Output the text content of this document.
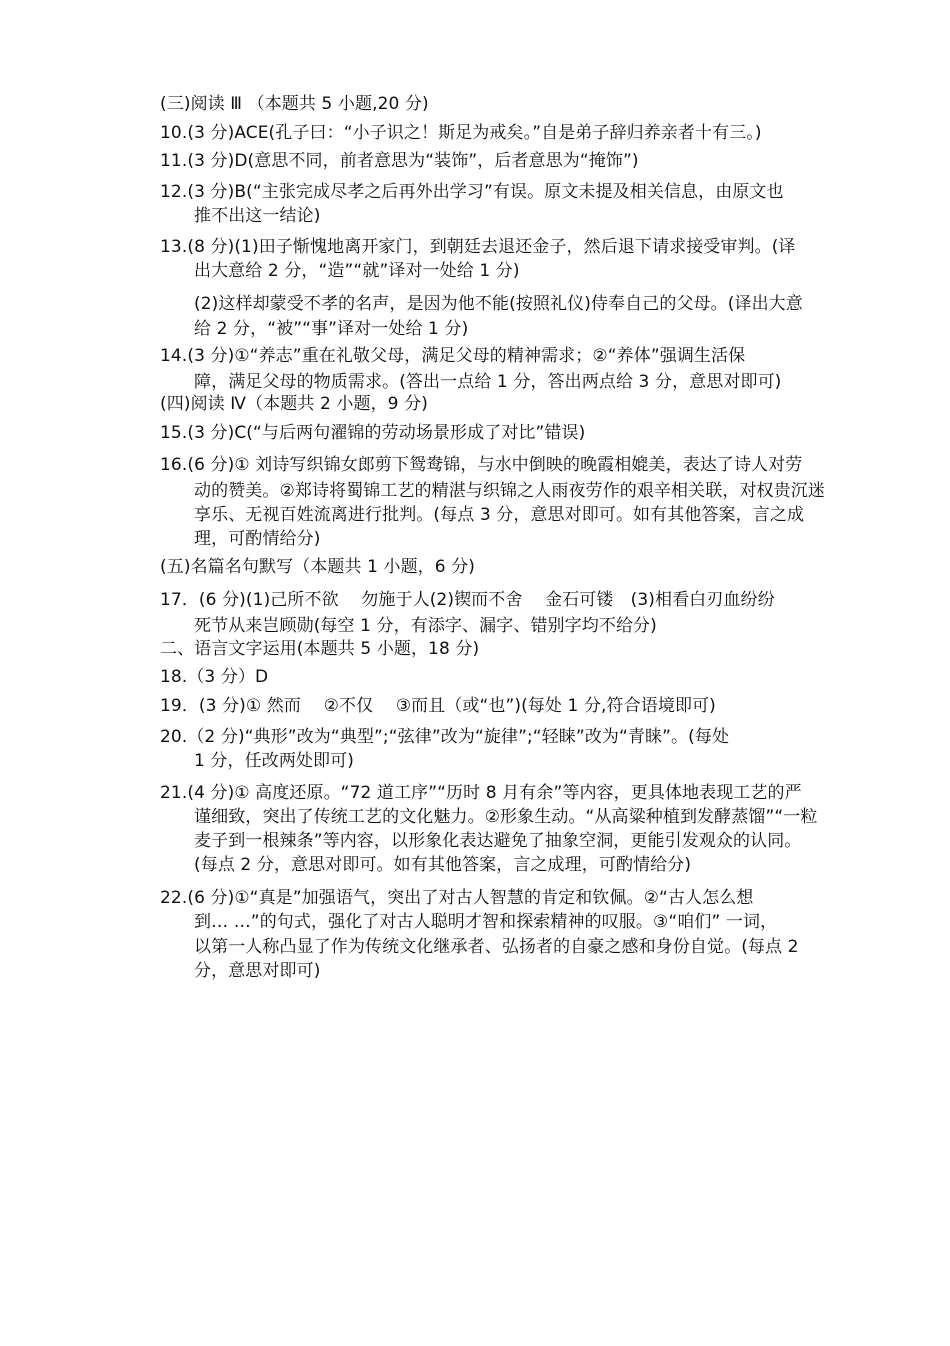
(三)阅读 Ⅲ （本题共 5 小题,20 分)
10.(3 分)ACE(孔子曰：“小子识之！斯足为戒矣。”自是弟子辞归养亲者十有三。)
11.(3 分)D(意思不同，前者意思为“装饰”，后者意思为“掩饰”)
12.(3 分)B(“主张完成尽孝之后再外出学习”有误。原文未提及相关信息，由原文也
推不出这一结论)
13.(8 分)(1)田子惭愧地离开家门，到朝廷去退还金子，然后退下请求接受审判。(译
出大意给 2 分，“造”“就”译对一处给 1 分)
(2)这样却蒙受不孝的名声，是因为他不能(按照礼仪)侍奉自己的父母。(译出大意
给 2 分，“被”“事”译对一处给 1 分)
14.(3 分)①“养志”重在礼敬父母，满足父母的精神需求；②“养体”强调生活保
障，满足父母的物质需求。(答出一点给 1 分，答出两点给 3 分，意思对即可)
(四)阅读 Ⅳ（本题共 2 小题，9 分)
15.(3 分)C(“与后两句濯锦的劳动场景形成了对比”错误)
16.(6 分)① 刘诗写织锦女郎剪下鸳鸯锦，与水中倒映的晚霞相媲美，表达了诗人对劳
动的赞美。②郑诗将蜀锦工艺的精湛与织锦之人雨夜劳作的艰辛相关联，对权贵沉迷
享乐、无视百姓流离进行批判。(每点 3 分，意思对即可。如有其他答案，言之成
理，可酌情给分)
(五)名篇名句默写（本题共 1 小题，6 分)
17．(6 分)(1)己所不欲　 勿施于人(2)锲而不舍　 金石可镂　(3)相看白刃血纷纷
死节从来岂顾勋(每空 1 分，有添字、漏字、错别字均不给分)
二、语言文字运用(本题共 5 小题，18 分)
18.（3 分）D
19．(3 分)① 然而　 ②不仅　 ③而且（或“也”)(每处 1 分,符合语境即可)
20.（2 分)“典形”改为“典型”;“弦律”改为“旋律”;“轻睐”改为“青睐”。(每处
1 分，任改两处即可)
21.(4 分)① 高度还原。“72 道工序”“历时 8 月有余”等内容，更具体地表现工艺的严
谨细致，突出了传统工艺的文化魅力。②形象生动。“从高粱种植到发酵蒸馏”“一粒
麦子到一根辣条”等内容，以形象化表达避免了抽象空洞，更能引发观众的认同。
(每点 2 分，意思对即可。如有其他答案，言之成理，可酌情给分)
22.(6 分)①“真是”加强语气，突出了对古人智慧的肯定和钦佩。②“古人怎么想
到… …”的句式，强化了对古人聪明才智和探索精神的叹服。③“咱们” 一词，
以第一人称凸显了作为传统文化继承者、弘扬者的自豪之感和身份自觉。(每点 2
分，意思对即可)
